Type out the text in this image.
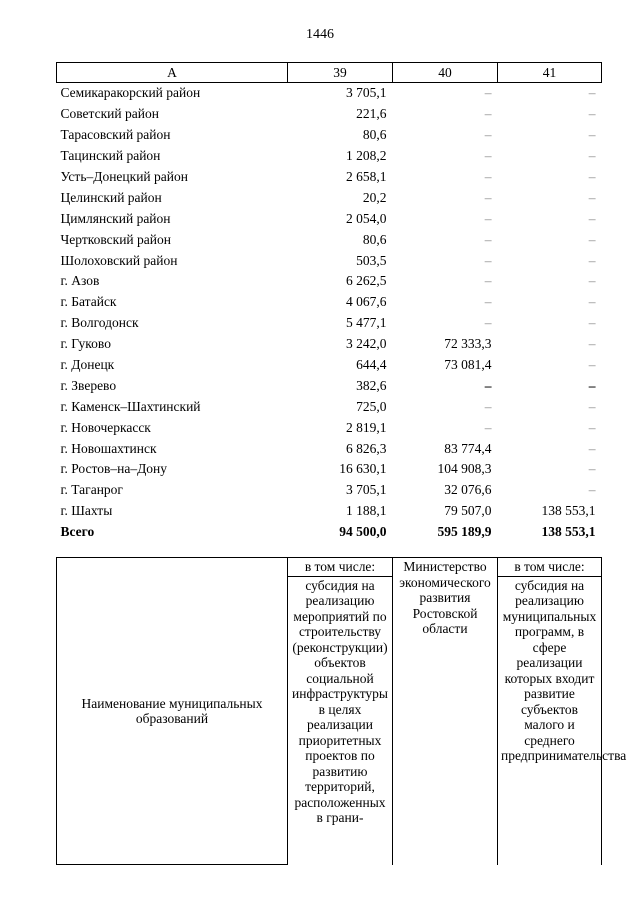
1446
А	39	40	41
Семикаракорский район	3 705,1	–	–
Советский район	221,6	–	–
Тарасовский район	80,6	–	–
Тацинский район	1 208,2	–	–
Усть–Донецкий район	2 658,1	–	–
Целинский район	20,2	–	–
Цимлянский район	2 054,0	–	–
Чертковский район	80,6	–	–
Шолоховский район	503,5	–	–
г. Азов	6 262,5	–	–
г. Батайск	4 067,6	–	–
г. Волгодонск	5 477,1	–	–
г. Гуково	3 242,0	72 333,3	–
г. Донецк	644,4	73 081,4	–
г. Зверево	382,6	–	–
г. Каменск–Шахтинский	725,0	–	–
г. Новочеркасск	2 819,1	–	–
г. Новошахтинск	6 826,3	83 774,4	–
г. Ростов–на–Дону	16 630,1	104 908,3	–
г. Таганрог	3 705,1	32 076,6	–
г. Шахты	1 188,1	79 507,0	138 553,1
Всего	94 500,0	595 189,9	138 553,1
Наименование муниципальных образований	в том числе:	Министерство экономического развития Ростовской области	в том числе:
	субсидия на реализацию мероприятий по строительству (реконструкции) объектов социальной инфраструктуры в целях реализации приоритетных проектов по развитию территорий, расположенных в грани-		субсидия на реализацию муниципальных программ, в сфере реализации которых входит развитие субъектов малого и среднего предпринимательства
